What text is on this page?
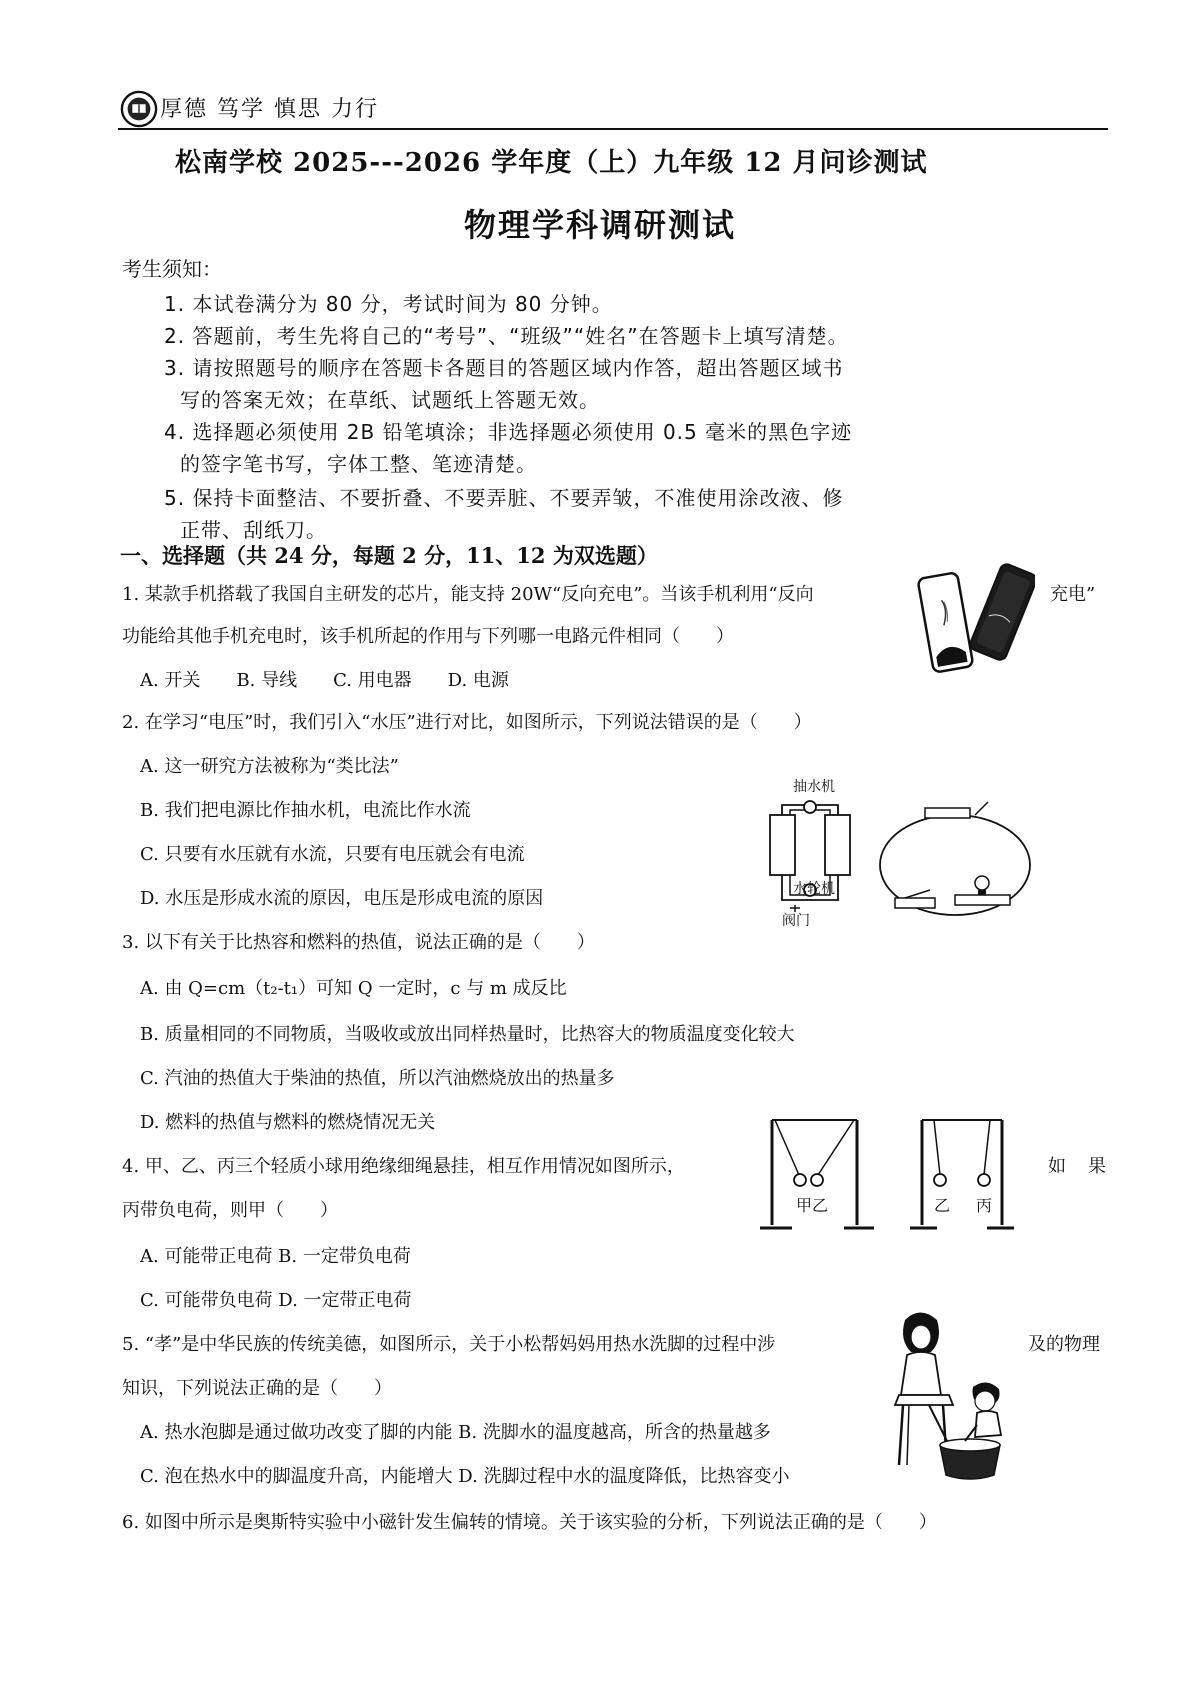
厚德 笃学 慎思 力行
松南学校 2025---2026 学年度（上）九年级 12 月问诊测试
物理学科调研测试
考生须知：
1. 本试卷满分为 80 分，考试时间为 80 分钟。
2. 答题前，考生先将自己的“考号”、“班级”“姓名”在答题卡上填写清楚。
3. 请按照题号的顺序在答题卡各题目的答题区域内作答，超出答题区域书
写的答案无效；在草纸、试题纸上答题无效。
4. 选择题必须使用 2B 铅笔填涂；非选择题必须使用 0.5 毫米的黑色字迹
的签字笔书写，字体工整、笔迹清楚。
5. 保持卡面整洁、不要折叠、不要弄脏、不要弄皱，不准使用涂改液、修
正带、刮纸刀。
一、选择题（共 24 分，每题 2 分，11、12 为双选题）
1. 某款手机搭载了我国自主研发的芯片，能支持 20W“反向充电”。当该手机利用“反向	充电”
功能给其他手机充电时，该手机所起的作用与下列哪一电路元件相同（　　）
A. 开关　　B. 导线　　C. 用电器　　D. 电源
2. 在学习“电压”时，我们引入“水压”进行对比，如图所示，下列说法错误的是（　　）
A. 这一研究方法被称为“类比法”
B. 我们把电源比作抽水机，电流比作水流
C. 只要有水压就有水流，只要有电压就会有电流
D. 水压是形成水流的原因，电压是形成电流的原因
抽水机
水轮机
阀门
3. 以下有关于比热容和燃料的热值，说法正确的是（　　）
A. 由 Q=cm（t₂-t₁）可知 Q 一定时，c 与 m 成反比
B. 质量相同的不同物质，当吸收或放出同样热量时，比热容大的物质温度变化较大
C. 汽油的热值大于柴油的热值，所以汽油燃烧放出的热量多
D. 燃料的热值与燃料的燃烧情况无关
4. 甲、乙、丙三个轻质小球用绝缘细绳悬挂，相互作用情况如图所示，	如　果
丙带负电荷，则甲（　　）
A. 可能带正电荷 B. 一定带负电荷
C. 可能带负电荷 D. 一定带正电荷
甲乙	乙 丙
5. “孝”是中华民族的传统美德，如图所示，关于小松帮妈妈用热水洗脚的过程中涉	及的物理
知识，下列说法正确的是（　　）
A. 热水泡脚是通过做功改变了脚的内能 B. 洗脚水的温度越高，所含的热量越多
C. 泡在热水中的脚温度升高，内能增大 D. 洗脚过程中水的温度降低，比热容变小
6. 如图中所示是奥斯特实验中小磁针发生偏转的情境。关于该实验的分析，下列说法正确的是（　　）
